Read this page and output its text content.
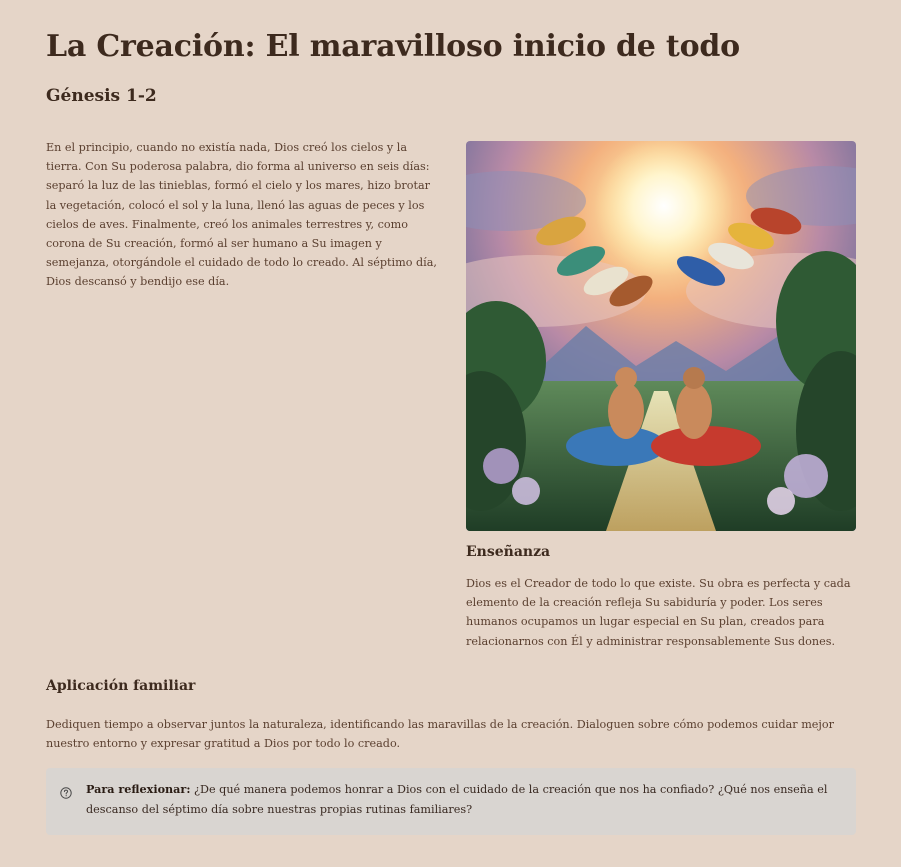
La Creación: El maravilloso inicio de todo
Génesis 1-2

En el principio, cuando no existía nada, Dios creó los cielos y la tierra. Con Su poderosa palabra, dio forma al universo en seis días: separó la luz de las tinieblas, formó el cielo y los mares, hizo brotar la vegetación, colocó el sol y la luna, llenó las aguas de peces y los cielos de aves. Finalmente, creó los animales terrestres y, como corona de Su creación, formó al ser humano a Su imagen y semejanza, otorgándole el cuidado de todo lo creado. Al séptimo día, Dios descansó y bendijo ese día.

Enseñanza

Dios es el Creador de todo lo que existe. Su obra es perfecta y cada elemento de la creación refleja Su sabiduría y poder. Los seres humanos ocupamos un lugar especial en Su plan, creados para relacionarnos con Él y administrar responsablemente Sus dones.

Aplicación familiar

Dediquen tiempo a observar juntos la naturaleza, identificando las maravillas de la creación. Dialoguen sobre cómo podemos cuidar mejor nuestro entorno y expresar gratitud a Dios por todo lo creado.

Para reflexionar: ¿De qué manera podemos honrar a Dios con el cuidado de la creación que nos ha confiado? ¿Qué nos enseña el descanso del séptimo día sobre nuestras propias rutinas familiares?
